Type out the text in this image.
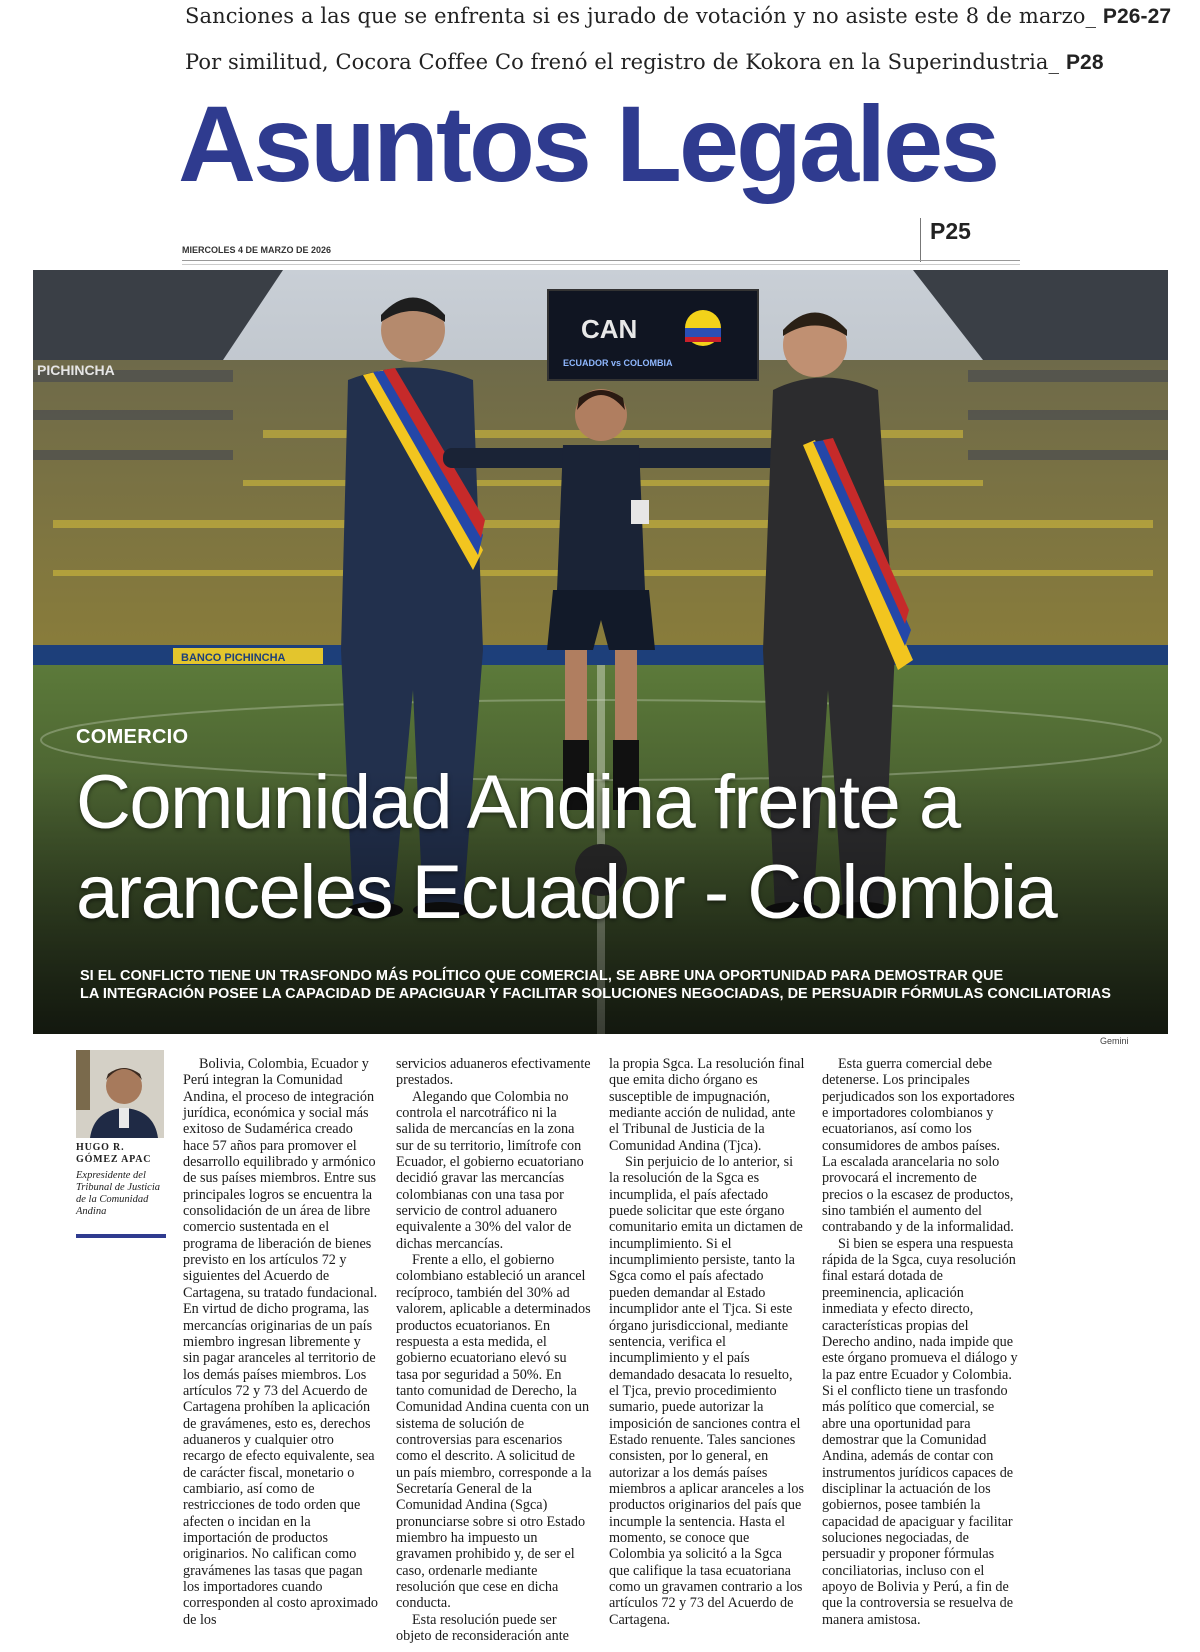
Sanciones a las que se enfrenta si es jurado de votación y no asiste este 8 de marzo_ P26-27
Por similitud, Cocora Coffee Co frenó el registro de Kokora en la Superindustria_ P28
Asuntos Legales
P25
MIERCOLES 4 DE MARZO DE 2026
PICHINCHA
CAN
ECUADOR vs COLOMBIA
BANCO PICHINCHA
COMERCIO
Comunidad Andina frente a aranceles Ecuador - Colombia
SI EL CONFLICTO TIENE UN TRASFONDO MÁS POLÍTICO QUE COMERCIAL, SE ABRE UNA OPORTUNIDAD PARA DEMOSTRAR QUE
LA INTEGRACIÓN POSEE LA CAPACIDAD DE APACIGUAR Y FACILITAR SOLUCIONES NEGOCIADAS, DE PERSUADIR FÓRMULAS CONCILIATORIAS
Gemini
HUGO R. GÓMEZ APAC
Expresidente del Tribunal de Justicia de la Comunidad Andina

Bolivia, Colombia, Ecuador y Perú integran la Comunidad Andina, el proceso de integración jurídica, económica y social más exitoso de Sudamérica creado hace 57 años para promover el desarrollo equilibrado y armónico de sus países miembros. Entre sus principales logros se encuentra la consolidación de un área de libre comercio sustentada en el programa de liberación de bienes previsto en los artículos 72 y siguientes del Acuerdo de Cartagena, su tratado fundacional. En virtud de dicho programa, las mercancías originarias de un país miembro ingresan libremente y sin pagar aranceles al territorio de los demás países miembros. Los artículos 72 y 73 del Acuerdo de Cartagena prohíben la aplicación de gravámenes, esto es, derechos aduaneros y cualquier otro recargo de efecto equivalente, sea de carácter fiscal, monetario o cambiario, así como de restricciones de todo orden que afecten o incidan en la importación de productos originarios. No califican como gravámenes las tasas que pagan los importadores cuando corresponden al costo aproximado de los

servicios aduaneros efectivamente prestados.

Alegando que Colombia no controla el narcotráfico ni la salida de mercancías en la zona sur de su territorio, limítrofe con Ecuador, el gobierno ecuatoriano decidió gravar las mercancías colombianas con una tasa por servicio de control aduanero equivalente a 30% del valor de dichas mercancías.

Frente a ello, el gobierno colombiano estableció un arancel recíproco, también del 30% ad valorem, aplicable a determinados productos ecuatorianos. En respuesta a esta medida, el gobierno ecuatoriano elevó su tasa por seguridad a 50%. En tanto comunidad de Derecho, la Comunidad Andina cuenta con un sistema de solución de controversias para escenarios como el descrito. A solicitud de un país miembro, corresponde a la Secretaría General de la Comunidad Andina (Sgca) pronunciarse sobre si otro Estado miembro ha impuesto un gravamen prohibido y, de ser el caso, ordenarle mediante resolución que cese en dicha conducta.

Esta resolución puede ser objeto de reconsideración ante

la propia Sgca. La resolución final que emita dicho órgano es susceptible de impugnación, mediante acción de nulidad, ante el Tribunal de Justicia de la Comunidad Andina (Tjca).

Sin perjuicio de lo anterior, si la resolución de la Sgca es incumplida, el país afectado puede solicitar que este órgano comunitario emita un dictamen de incumplimiento. Si el incumplimiento persiste, tanto la Sgca como el país afectado pueden demandar al Estado incumplidor ante el Tjca. Si este órgano jurisdiccional, mediante sentencia, verifica el incumplimiento y el país demandado desacata lo resuelto, el Tjca, previo procedimiento sumario, puede autorizar la imposición de sanciones contra el Estado renuente. Tales sanciones consisten, por lo general, en autorizar a los demás países miembros a aplicar aranceles a los productos originarios del país que incumple la sentencia. Hasta el momento, se conoce que Colombia ya solicitó a la Sgca que califique la tasa ecuatoriana como un gravamen contrario a los artículos 72 y 73 del Acuerdo de Cartagena.

Esta guerra comercial debe detenerse. Los principales perjudicados son los exportadores e importadores colombianos y ecuatorianos, así como los consumidores de ambos países. La escalada arancelaria no solo provocará el incremento de precios o la escasez de productos, sino también el aumento del contrabando y de la informalidad.

Si bien se espera una respuesta rápida de la Sgca, cuya resolución final estará dotada de preeminencia, aplicación inmediata y efecto directo, características propias del Derecho andino, nada impide que este órgano promueva el diálogo y la paz entre Ecuador y Colombia. Si el conflicto tiene un trasfondo más político que comercial, se abre una oportunidad para demostrar que la Comunidad Andina, además de contar con instrumentos jurídicos capaces de disciplinar la actuación de los gobiernos, posee también la capacidad de apaciguar y facilitar soluciones negociadas, de persuadir y proponer fórmulas conciliatorias, incluso con el apoyo de Bolivia y Perú, a fin de que la controversia se resuelva de manera amistosa.
